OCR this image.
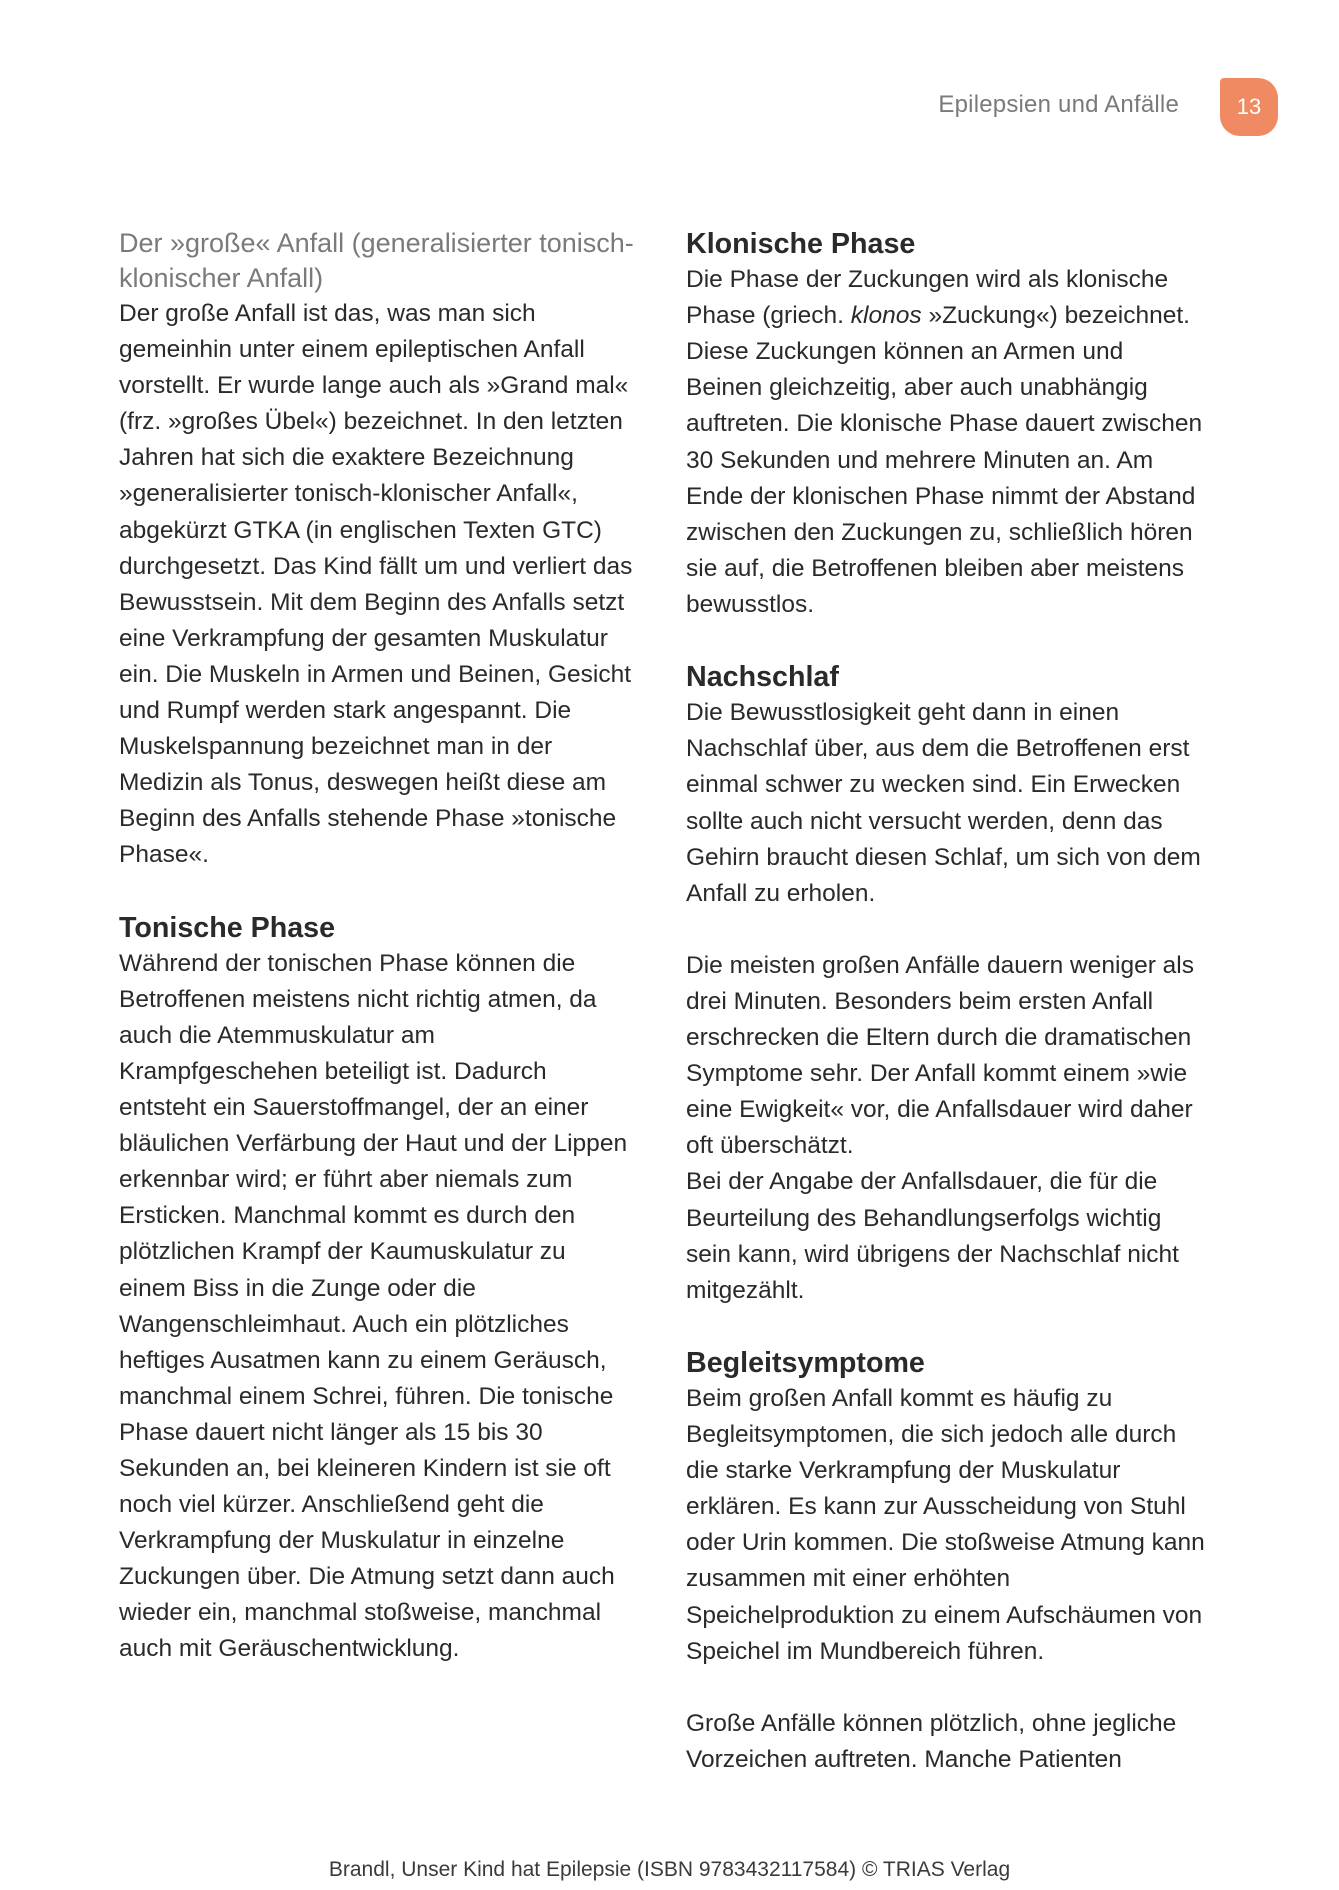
Epilepsien und Anfälle	13
Der »große« Anfall (generalisierter tonisch-klonischer Anfall)

Der große Anfall ist das, was man sich gemeinhin unter einem epileptischen Anfall vorstellt. Er wurde lange auch als »Grand mal« (frz. »großes Übel«) bezeichnet. In den letzten Jahren hat sich die exaktere Bezeichnung »generalisierter tonisch-klonischer Anfall«, abgekürzt GTKA (in englischen Texten GTC) durchgesetzt. Das Kind fällt um und verliert das Bewusstsein. Mit dem Beginn des Anfalls setzt eine Verkrampfung der gesamten Muskulatur ein. Die Muskeln in Armen und Beinen, Gesicht und Rumpf werden stark angespannt. Die Muskelspannung bezeichnet man in der Medizin als Tonus, deswegen heißt diese am Beginn des Anfalls stehende Phase »tonische Phase«.

Tonische Phase

Während der tonischen Phase können die Betroffenen meistens nicht richtig atmen, da auch die Atemmuskulatur am Krampfgeschehen beteiligt ist. Dadurch entsteht ein Sauerstoffmangel, der an einer bläulichen Verfärbung der Haut und der Lippen erkennbar wird; er führt aber niemals zum Ersticken. Manchmal kommt es durch den plötzlichen Krampf der Kaumuskulatur zu einem Biss in die Zunge oder die Wangenschleimhaut. Auch ein plötzliches heftiges Ausatmen kann zu einem Geräusch, manchmal einem Schrei, führen. Die tonische Phase dauert nicht länger als 15 bis 30 Sekunden an, bei kleineren Kindern ist sie oft noch viel kürzer. Anschließend geht die Verkrampfung der Muskulatur in einzelne Zuckungen über. Die Atmung setzt dann auch wieder ein, manchmal stoßweise, manchmal auch mit Geräuschentwicklung.

Klonische Phase

Die Phase der Zuckungen wird als klonische Phase (griech. klonos »Zuckung«) bezeichnet. Diese Zuckungen können an Armen und Beinen gleichzeitig, aber auch unabhängig auftreten. Die klonische Phase dauert zwischen 30 Sekunden und mehrere Minuten an. Am Ende der klonischen Phase nimmt der Abstand zwischen den Zuckungen zu, schließlich hören sie auf, die Betroffenen bleiben aber meistens bewusstlos.

Nachschlaf

Die Bewusstlosigkeit geht dann in einen Nachschlaf über, aus dem die Betroffenen erst einmal schwer zu wecken sind. Ein Erwecken sollte auch nicht versucht werden, denn das Gehirn braucht diesen Schlaf, um sich von dem Anfall zu erholen.

Die meisten großen Anfälle dauern weniger als drei Minuten. Besonders beim ersten Anfall erschrecken die Eltern durch die dramatischen Symptome sehr. Der Anfall kommt einem »wie eine Ewigkeit« vor, die Anfallsdauer wird daher oft überschätzt.

Bei der Angabe der Anfallsdauer, die für die Beurteilung des Behandlungserfolgs wichtig sein kann, wird übrigens der Nachschlaf nicht mitgezählt.

Begleitsymptome

Beim großen Anfall kommt es häufig zu Begleitsymptomen, die sich jedoch alle durch die starke Verkrampfung der Muskulatur erklären. Es kann zur Ausscheidung von Stuhl oder Urin kommen. Die stoßweise Atmung kann zusammen mit einer erhöhten Speichelproduktion zu einem Aufschäumen von Speichel im Mundbereich führen.

Große Anfälle können plötzlich, ohne jegliche Vorzeichen auftreten. Manche Patienten

Brandl, Unser Kind hat Epilepsie (ISBN 9783432117584) © TRIAS Verlag
